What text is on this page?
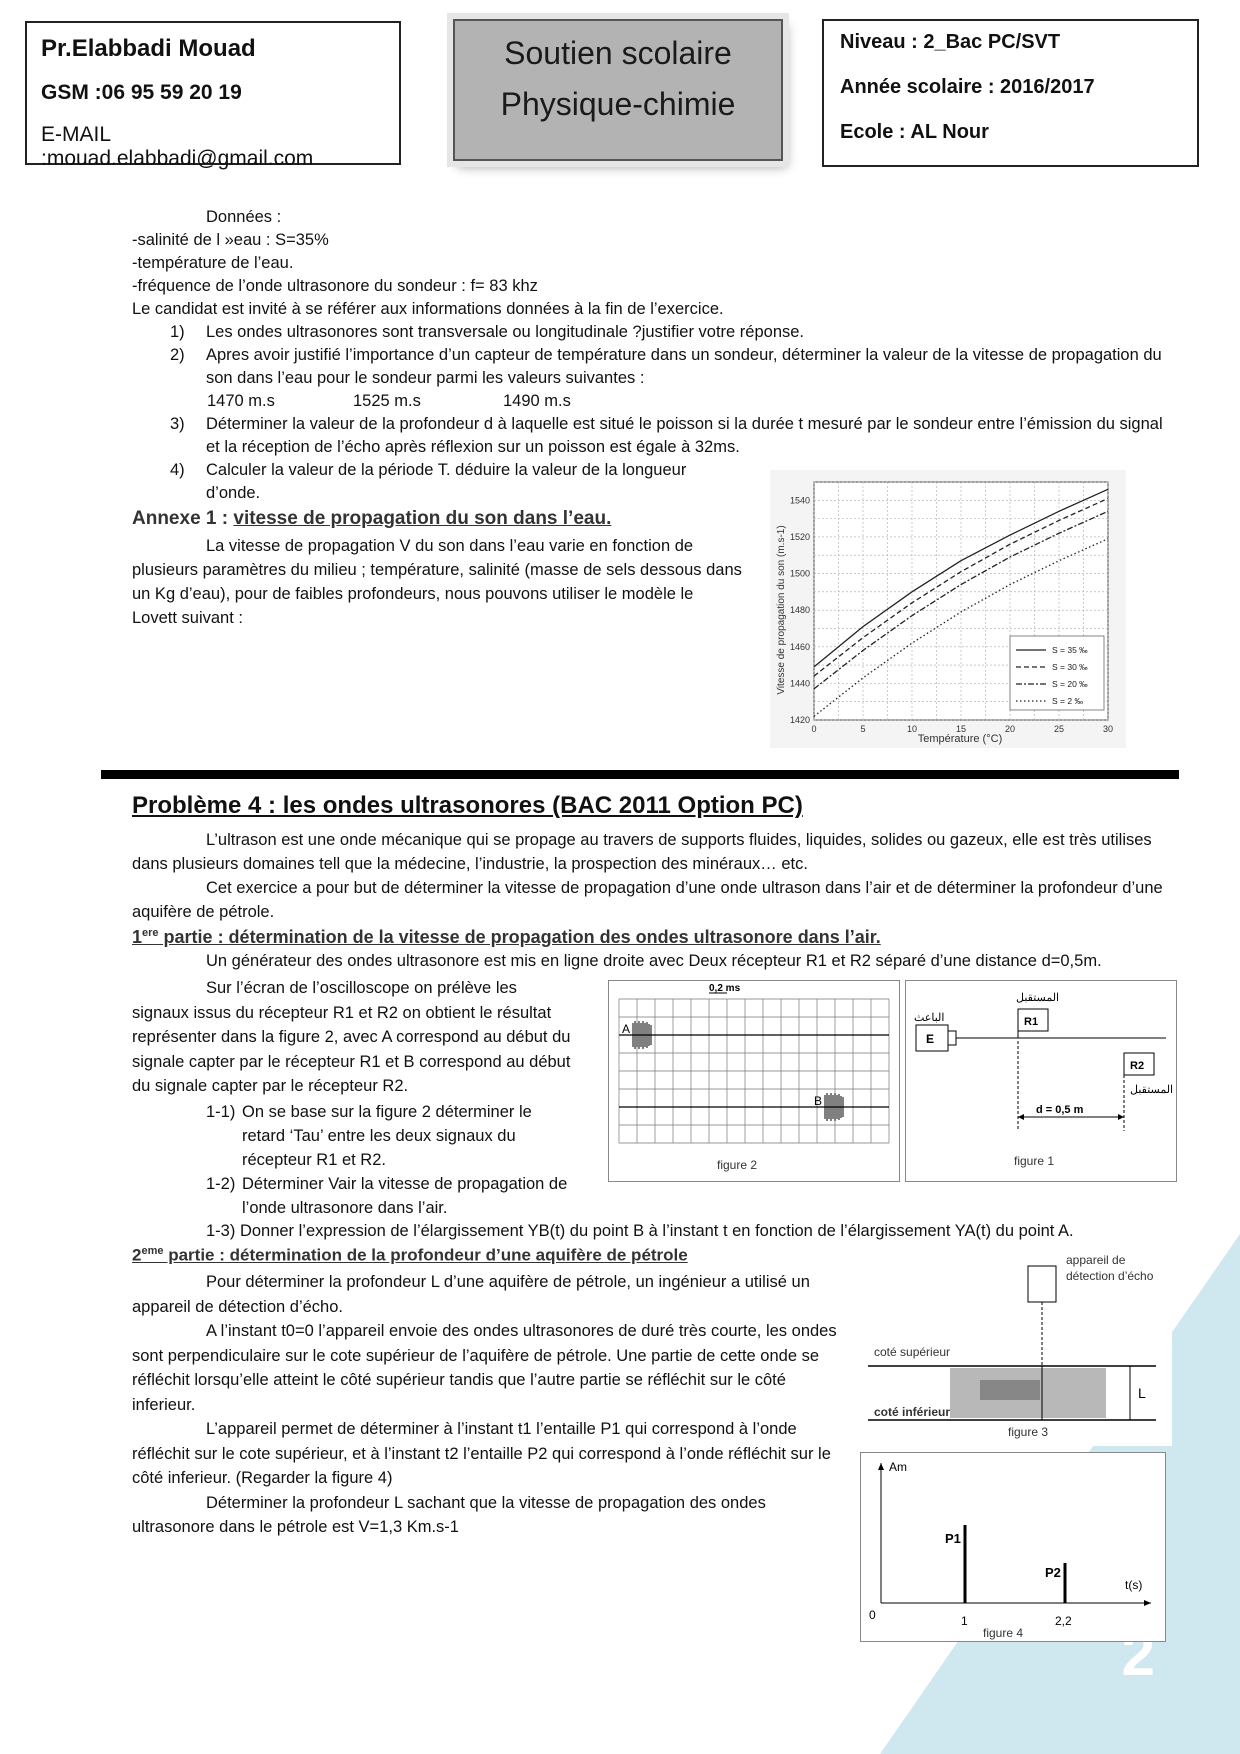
2
Pr.Elabbadi Mouad
GSM :06 95 59 20 19
E-MAIL :mouad.elabbadi@gmail.com
Soutien scolaire
Physique-chimie
Niveau : 2_Bac PC/SVT
Année scolaire : 2016/2017
Ecole : AL Nour
Données :
-salinité de l »eau : S=35%
-température de l’eau.
-fréquence de l’onde ultrasonore du sondeur : f= 83 khz
Le candidat est invité à se référer aux informations données à la fin de l’exercice.
1) Les ondes ultrasonores sont transversale ou longitudinale ?justifier votre réponse.
2)	Apres avoir justifié l’importance d’un capteur de température dans un sondeur, déterminer la valeur de la vitesse de propagation du son dans l’eau pour le sondeur parmi les valeurs suivantes :
1470 m.s	1525 m.s	1490 m.s
3)	Déterminer la valeur de la profondeur d à laquelle est situé le poisson si la durée t mesuré par le sondeur entre l’émission du signal et la réception de l’écho après réflexion sur un poisson est égale à 32ms.
4)	Calculer la valeur de la période T. déduire la valeur de la longueur d’onde.
Annexe 1 : vitesse de propagation du son dans l’eau.
La vitesse de propagation V du son dans l’eau varie en fonction de plusieurs paramètres du milieu ; température, salinité (masse de sels dessous dans un Kg d’eau), pour de faibles profondeurs, nous pouvons utiliser le modèle le Lovett suivant :
0	5	10	15	20	25	30
1420
1440
1460
1480
1500
1520
1540
Température (°C)
Vitesse de propagation du son (m.s-1)	S = 35 ‰
S = 30 ‰
S = 20 ‰
S = 2 ‰
Problème 4 : les ondes ultrasonores (BAC 2011 Option PC)
L’ultrason est une onde mécanique qui se propage au travers de supports fluides, liquides, solides ou gazeux, elle est très utilises dans plusieurs domaines tell que la médecine, l’industrie, la prospection des minéraux… etc.
Cet exercice a pour but de déterminer la vitesse de propagation d’une onde ultrason dans l’air et de déterminer la profondeur d’une aquifère de pétrole.
1ere partie : détermination de la vitesse de propagation des ondes ultrasonore dans l’air.
Un générateur des ondes ultrasonore est mis en ligne droite avec Deux récepteur R1 et R2 séparé d’une distance d=0,5m.
Sur l’écran de l’oscilloscope on prélève les signaux issus du récepteur R1 et R2 on obtient le résultat représenter dans la figure 2, avec A correspond au début du signale capter par le récepteur R1 et B correspond au début du signale capter par le récepteur R2.
1-1) On se base sur la figure 2 déterminer le retard ‘Tau’ entre les deux signaux du récepteur R1 et R2.
1-2) Déterminer Vair la vitesse de propagation de l’onde ultrasonore dans l’air.
1-3) Donner l’expression de l’élargissement YB(t) du point B à l’instant t en fonction de l’élargissement YA(t) du point A.
2eme partie : détermination de la profondeur d’une aquifère de pétrole
Pour déterminer la profondeur L d’une aquifère de pétrole, un ingénieur a utilisé un appareil de détection d’écho.
A l’instant t0=0 l’appareil envoie des ondes ultrasonores de duré très courte, les ondes sont perpendiculaire sur le cote supérieur de l’aquifère de pétrole. Une partie de cette onde se réfléchit lorsqu’elle atteint le côté supérieur tandis que l’autre partie se réfléchit sur le côté inferieur.
L’appareil permet de déterminer à l’instant t1 l’entaille P1 qui correspond à l’onde réfléchit sur le cote supérieur, et à l’instant t2 l’entaille P2 qui correspond à l’onde réfléchit sur le côté inferieur. (Regarder la figure 4)
Déterminer la profondeur L sachant que la vitesse de propagation des ondes ultrasonore dans le pétrole est V=1,3 Km.s-1
A
B
0,2 ms
figure 2
E
الباعث	R1
المستقبل
R2
المستقبل
d = 0,5 m
figure 1
appareil de
détection d’écho
L
coté supérieur
coté inférieur
figure 3
Am
t(s)
0
P1
1
P2
2,2
figure 4
